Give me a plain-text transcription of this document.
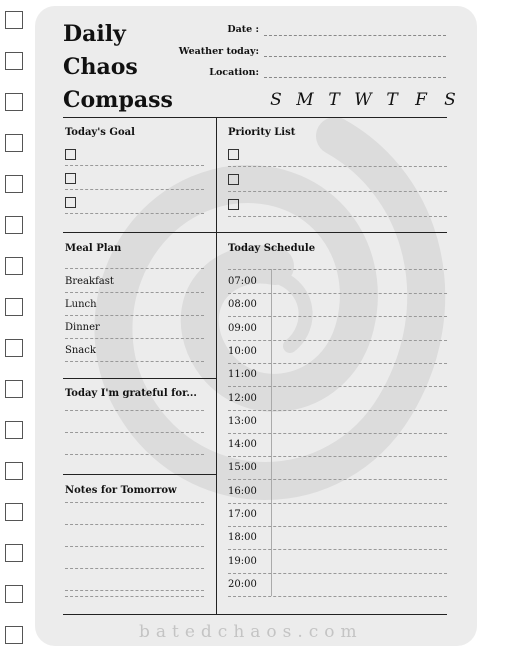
Daily
Chaos
Compass
Date :
Weather today:
Location:
S M T W T F S
Today's Goal	Priority List
Meal Plan	Today Schedule
Today I'm grateful for...
Notes for Tomorrow
Breakfast
Lunch
Dinner
Snack
07:00
08:00
09:00
10:00
11:00
12:00
13:00
14:00
15:00
16:00
17:00
18:00
19:00
20:00
batedchaos.com
